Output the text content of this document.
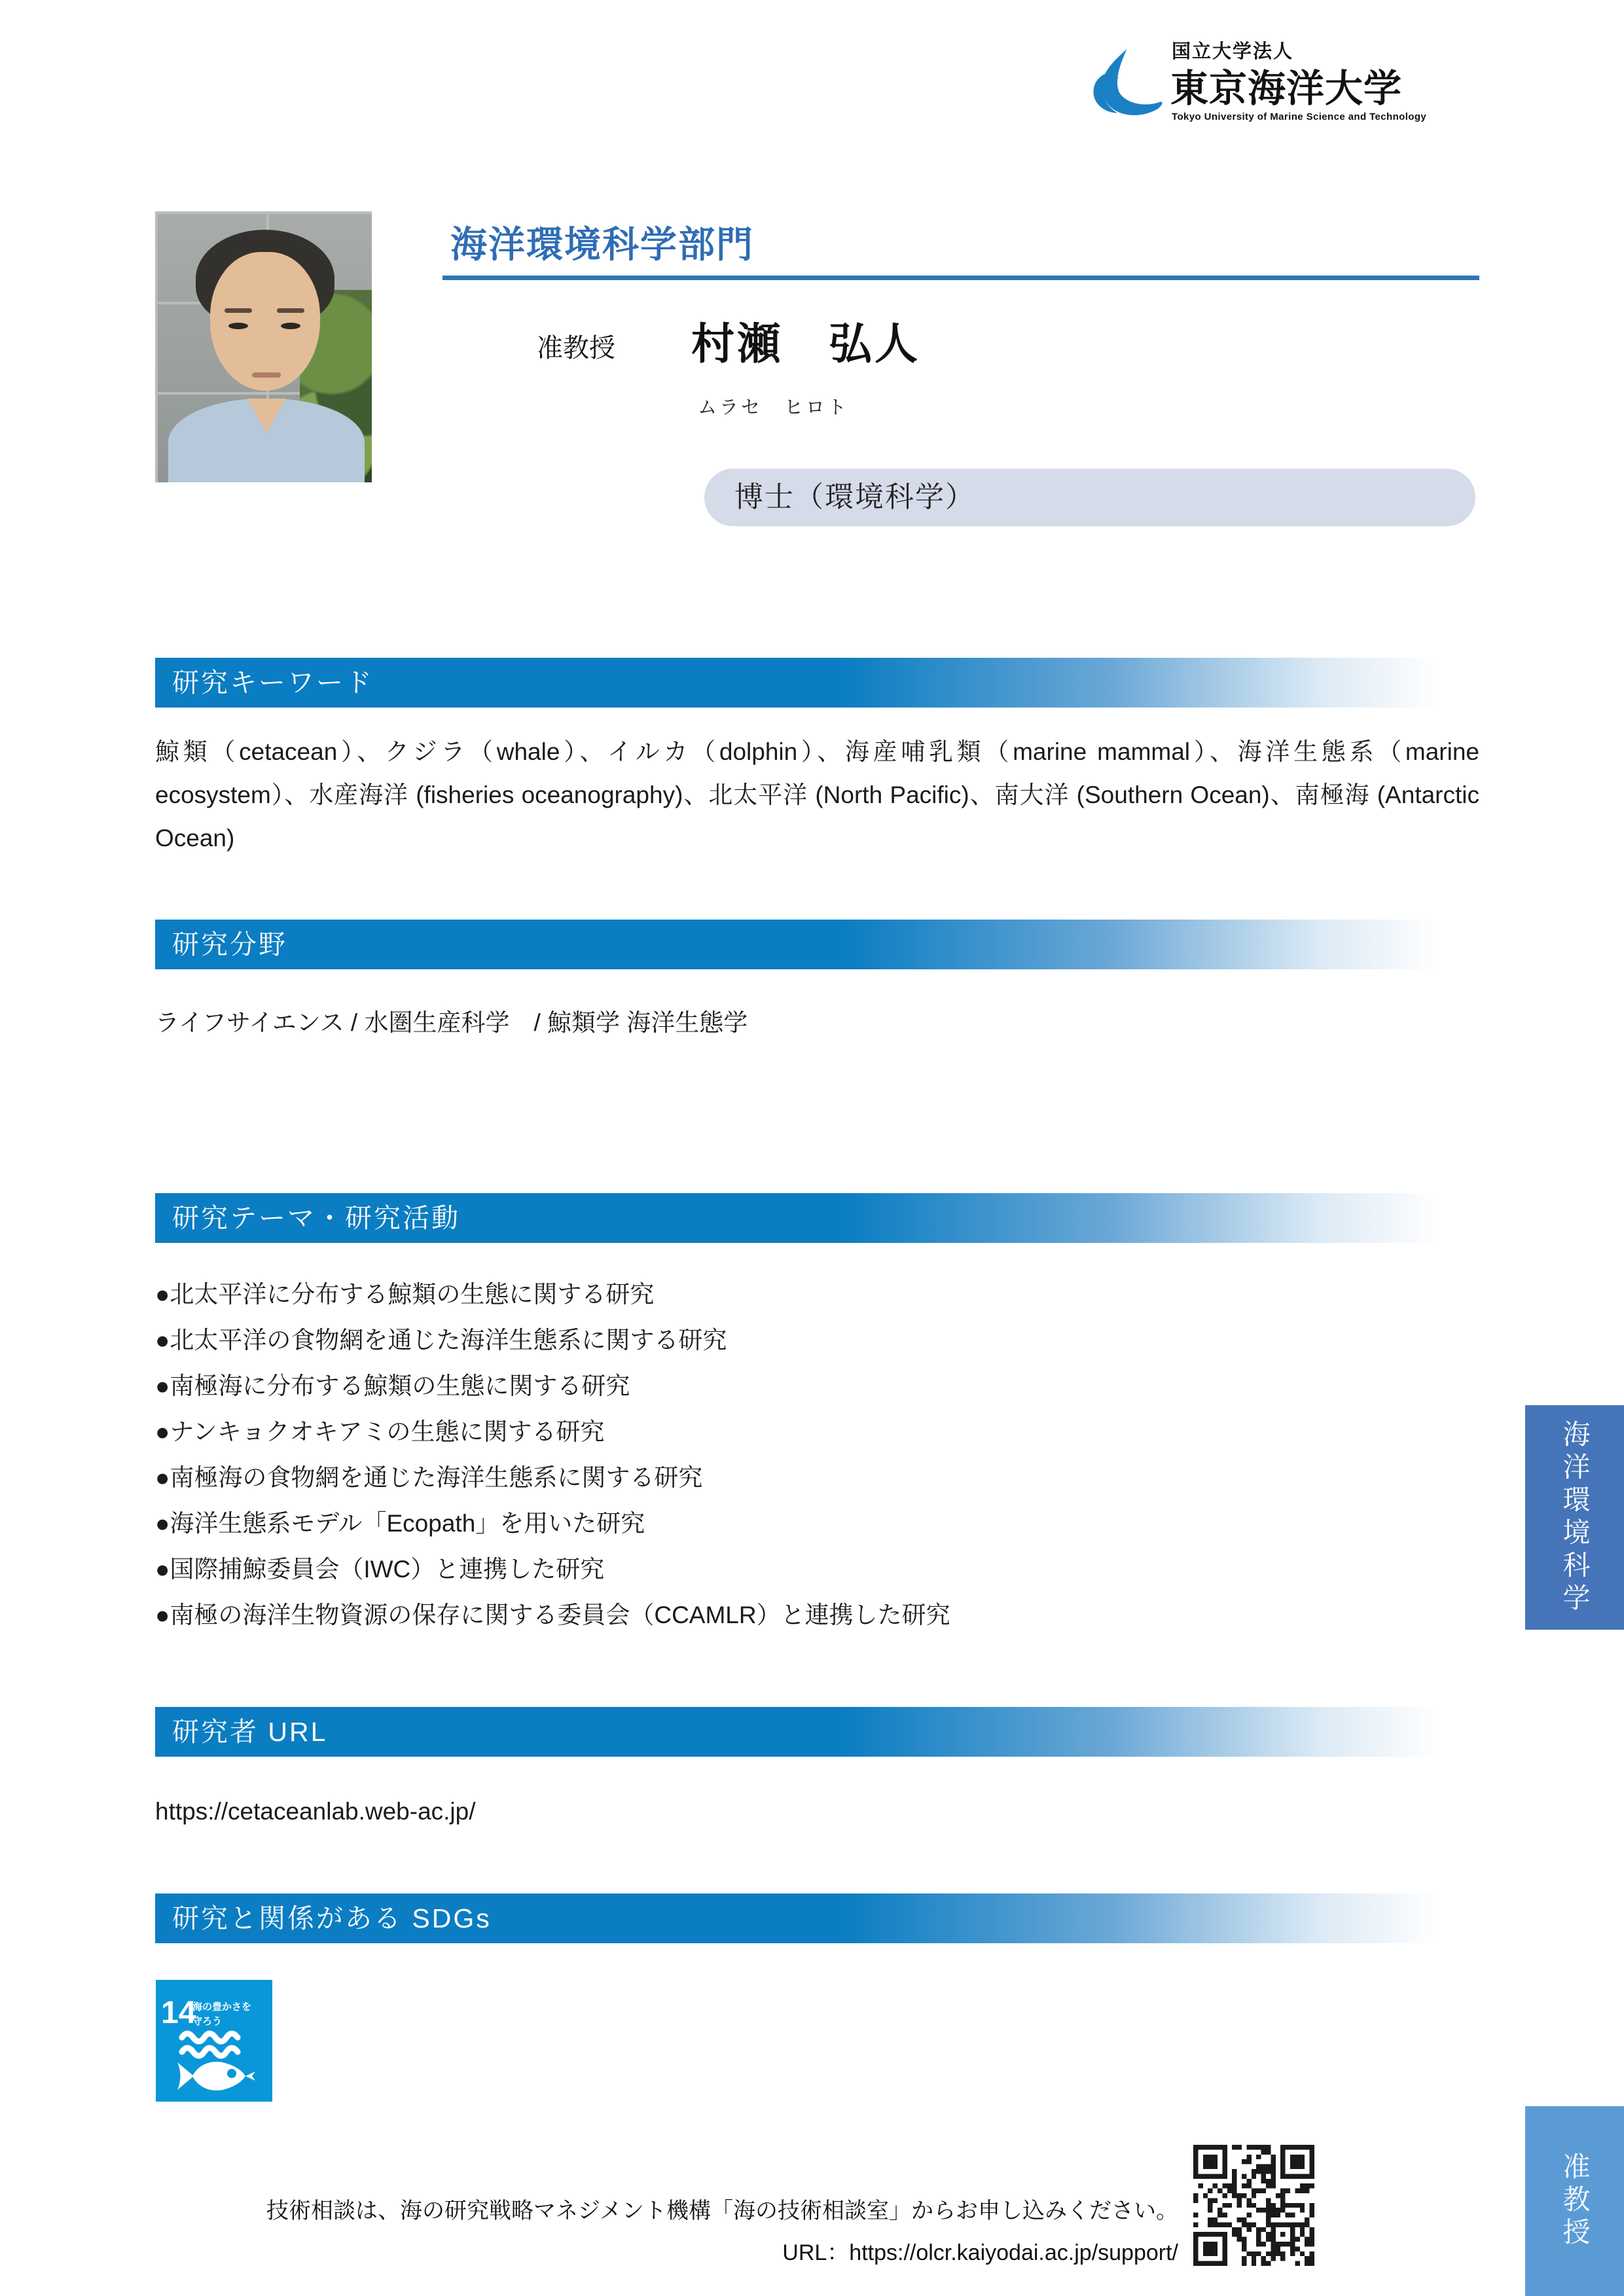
国立大学法人
東京海洋大学
Tokyo University of Marine Science and Technology
海洋環境科学部門
准教授 村瀬　弘人
ムラセ　ヒロト
博士（環境科学）
研究キーワード
鯨類（cetacean）、クジラ（whale）、イルカ（dolphin）、海産哺乳類（marine mammal）、海洋生態系（marine ecosystem）、水産海洋 (fisheries oceanography)、北太平洋 (North Pacific)、南大洋 (Southern Ocean)、南極海 (Antarctic Ocean)
研究分野
ライフサイエンス / 水圏生産科学　/ 鯨類学 海洋生態学
研究テーマ・研究活動
●北太平洋に分布する鯨類の生態に関する研究
●北太平洋の食物網を通じた海洋生態系に関する研究
●南極海に分布する鯨類の生態に関する研究
●ナンキョクオキアミの生態に関する研究
●南極海の食物網を通じた海洋生態系に関する研究
●海洋生態系モデル「Ecopath」を用いた研究
●国際捕鯨委員会（IWC）と連携した研究
●南極の海洋生物資源の保存に関する委員会（CCAMLR）と連携した研究
研究者 URL
https://cetaceanlab.web-ac.jp/
研究と関係がある SDGs
14
海の豊かさを
守ろう
技術相談は、海の研究戦略マネジメント機構「海の技術相談室」からお申し込みください。
URL：https://olcr.kaiyodai.ac.jp/support/
海洋環境科学
准教授
